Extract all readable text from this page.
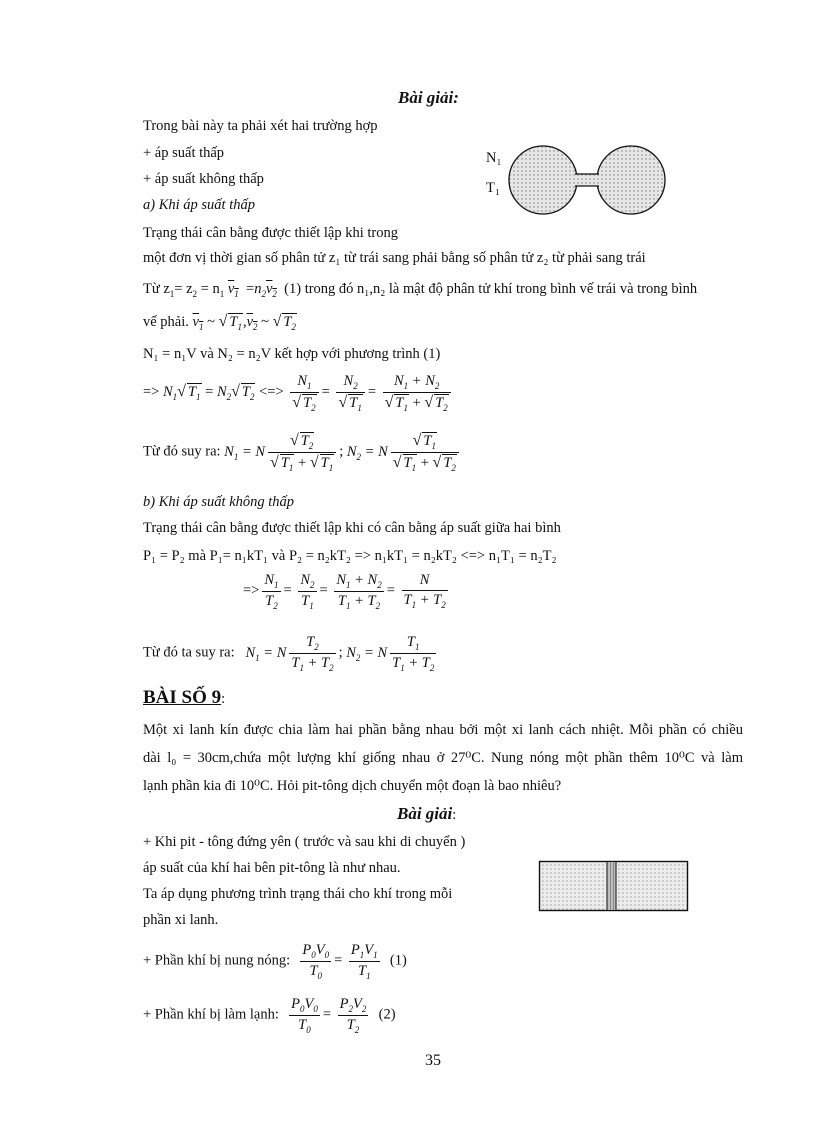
Bài giải:
Trong bài này ta phải xét hai trường hợp
+ áp suất thấp
+ áp suất không thấp
a) Khi áp suất thấp
N₁
T₁
Trạng thái cân bằng được thiết lập khi trong
một đơn vị thời gian số phân tử z₁ từ trái sang phải bằng số phân tử z₂ từ phải sang trái
Từ $z_1= z_2 = n_1$ $v_1 =n_2v_2$ (1) trong đó n₁,n₂ là mật độ phân tử khí trong bình vế trái và trong bình
vế phải. $v_1$ ~ √ $T_1,v_2$ ~ √ $T_2$
N₁ = n₁V và N₂ = n₂V kết hợp với phương trình (1)
=> $N_1√$ $T_1 = N_2√$ $T_2$ <=> $\frac{N_1}{√ T_2} = \frac{N_2}{√ T_1} = \frac{N_1 + N_2}{√ T_1 + √ T_2}$
Từ đó suy ra: $N_1 = N \frac{√ T_2}{√ T_1 + √ T_1}$ ; $N_2 = N \frac{√ T_1}{√ T_1 + √ T_2}$
b) Khi áp suất không thấp
Trạng thái cân bằng được thiết lập khi có cân bằng áp suất giữa hai bình
P₁ = P₂ mà P₁= n₁kT₁ và P₂ = n₂kT₂ => n₁kT₁ = n₂kT₂ <=> n₁T₁ = n₂T₂
=> $\frac{N_1}{T_2} = \frac{N_2}{T_1} = \frac{N_1 + N_2}{T_1 + T_2} = \frac{N}{T_1 + T_2}$
Từ đó ta suy ra: $N_1 = N \frac{T_2}{T_1 + T_2}$ ; $N_2 = N \frac{T_1}{T_1 + T_2}$
BÀI SỐ 9:
Một xi lanh kín được chia làm hai phần bằng nhau bởi một xi lanh cách nhiệt. Mỗi phần có chiều
dài l₀ = 30cm,chứa một lượng khí giống nhau ở 27⁰C. Nung nóng một phần thêm 10⁰C và làm
lạnh phần kia đi 10⁰C. Hỏi pit-tông dịch chuyển một đoạn là bao nhiêu?
Bài giải:
+ Khi pit - tông đứng yên ( trước và sau khi di chuyển )
áp suất của khí hai bên pit-tông là như nhau.
Ta áp dụng phương trình trạng thái cho khí trong mỗi
phần xi lanh.
+ Phần khí bị nung nóng: $\frac{P_0V_0}{T_0} = \frac{P_1V_1}{T_1} (1)$
+ Phần khí bị làm lạnh: $\frac{P_0V_0}{T_0} = \frac{P_2V_2}{T_2} (2)$
35
